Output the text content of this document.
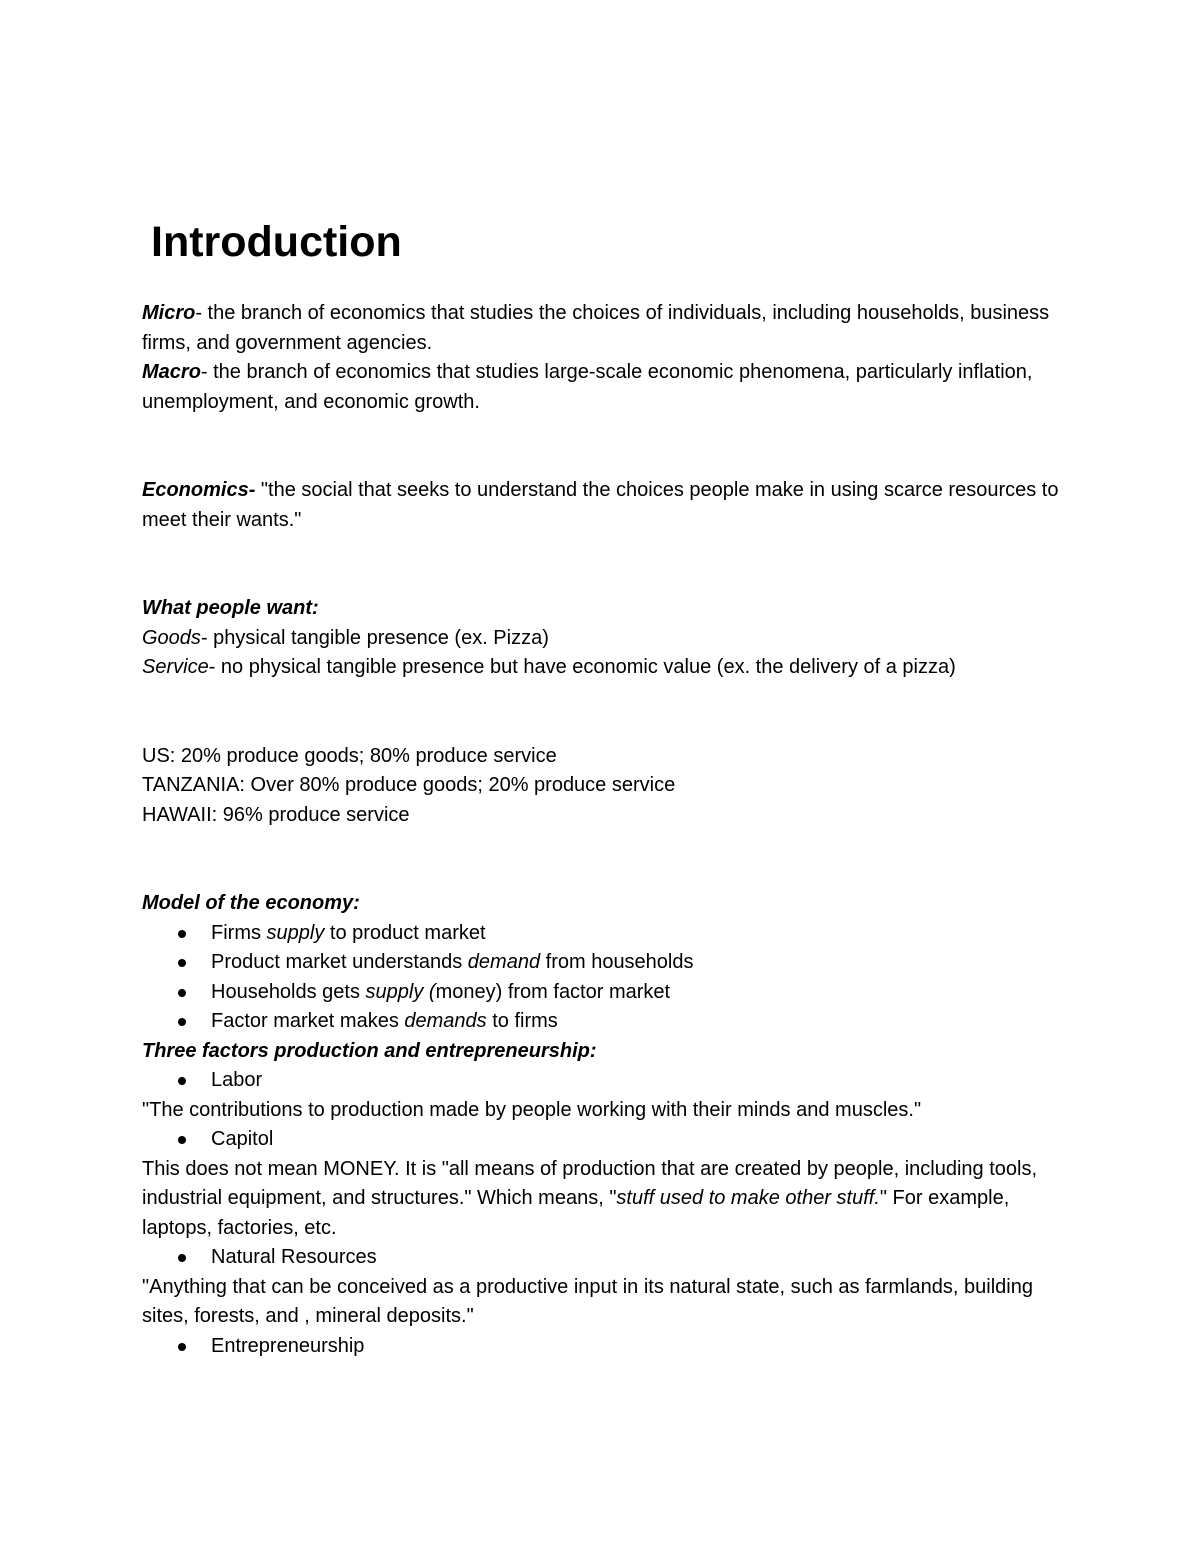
Introduction

Micro- the branch of economics that studies the choices of individuals, including households, business firms, and government agencies.

Macro- the branch of economics that studies large-scale economic phenomena, particularly inflation, unemployment, and economic growth.

Economics- "the social that seeks to understand the choices people make in using scarce resources to meet their wants."

What people want:

Goods- physical tangible presence (ex. Pizza)

Service- no physical tangible presence but have economic value (ex. the delivery of a pizza)

US: 20% produce goods; 80% produce service

TANZANIA: Over 80% produce goods; 20% produce service

HAWAII: 96% produce service

Model of the economy:

Firms supply to product market
Product market understands demand from households
Households gets supply (money) from factor market
Factor market makes demands to firms

Three factors production and entrepreneurship:

Labor

"The contributions to production made by people working with their minds and muscles."

Capitol

This does not mean MONEY. It is "all means of production that are created by people, including tools, industrial equipment, and structures." Which means, "stuff used to make other stuff." For example, laptops, factories, etc.

Natural Resources

"Anything that can be conceived as a productive input in its natural state, such as farmlands, building sites, forests, and , mineral deposits."

Entrepreneurship
